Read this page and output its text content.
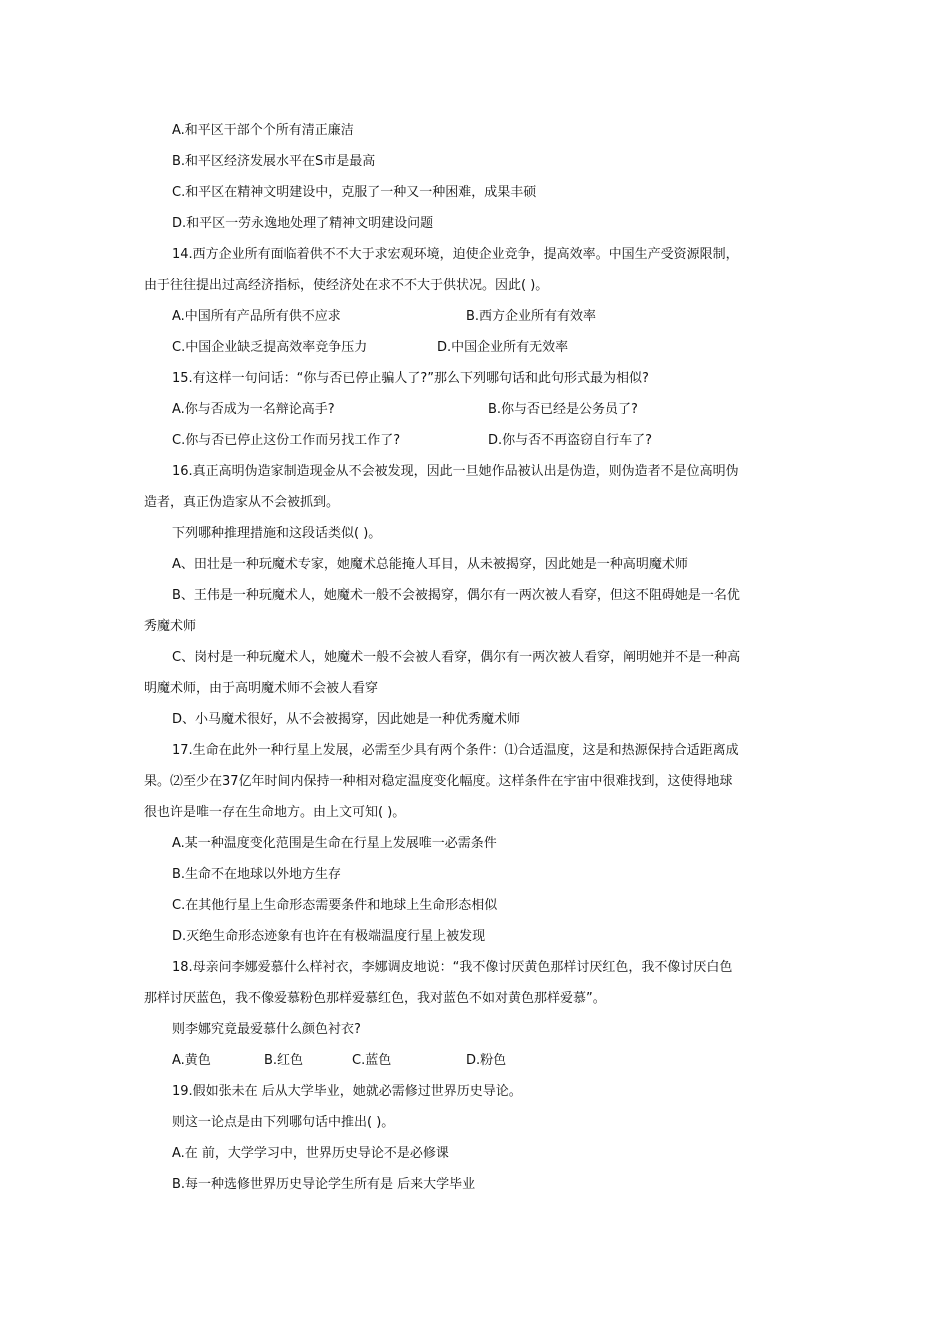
A.和平区干部个个所有清正廉洁
B.和平区经济发展水平在S市是最高
C.和平区在精神文明建设中，克服了一种又一种困难，成果丰硕
D.和平区一劳永逸地处理了精神文明建设问题
14.西方企业所有面临着供不不大于求宏观环境，迫使企业竞争，提高效率。中国生产受资源限制，
由于往往提出过高经济指标，使经济处在求不不大于供状况。因此( )。
A.中国所有产品所有供不应求	B.西方企业所有有效率
C.中国企业缺乏提高效率竞争压力	D.中国企业所有无效率
15.有这样一句问话：“你与否已停止骗人了?”那么下列哪句话和此句形式最为相似?
A.你与否成为一名辩论高手?	B.你与否已经是公务员了?
C.你与否已停止这份工作而另找工作了?	D.你与否不再盗窃自行车了?
16.真正高明伪造家制造现金从不会被发现，因此一旦她作品被认出是伪造，则伪造者不是位高明伪
造者，真正伪造家从不会被抓到。
下列哪种推理措施和这段话类似( )。
A、田壮是一种玩魔术专家，她魔术总能掩人耳目，从未被揭穿，因此她是一种高明魔术师
B、王伟是一种玩魔术人，她魔术一般不会被揭穿，偶尔有一两次被人看穿，但这不阻碍她是一名优
秀魔术师
C、岗村是一种玩魔术人，她魔术一般不会被人看穿，偶尔有一两次被人看穿，阐明她并不是一种高
明魔术师，由于高明魔术师不会被人看穿
D、小马魔术很好，从不会被揭穿，因此她是一种优秀魔术师
17.生命在此外一种行星上发展，必需至少具有两个条件：⑴合适温度，这是和热源保持合适距离成
果。⑵至少在37亿年时间内保持一种相对稳定温度变化幅度。这样条件在宇宙中很难找到，这使得地球
很也许是唯一存在生命地方。由上文可知( )。
A.某一种温度变化范围是生命在行星上发展唯一必需条件
B.生命不在地球以外地方生存
C.在其他行星上生命形态需要条件和地球上生命形态相似
D.灭绝生命形态迹象有也许在有极端温度行星上被发现
18.母亲问李娜爱慕什么样衬衣，李娜调皮地说：“我不像讨厌黄色那样讨厌红色，我不像讨厌白色
那样讨厌蓝色，我不像爱慕粉色那样爱慕红色，我对蓝色不如对黄色那样爱慕”。
则李娜究竟最爱慕什么颜色衬衣?
A.黄色	B.红色	C.蓝色	D.粉色
19.假如张未在 后从大学毕业，她就必需修过世界历史导论。
则这一论点是由下列哪句话中推出( )。
A.在 前，大学学习中，世界历史导论不是必修课
B.每一种选修世界历史导论学生所有是 后来大学毕业
